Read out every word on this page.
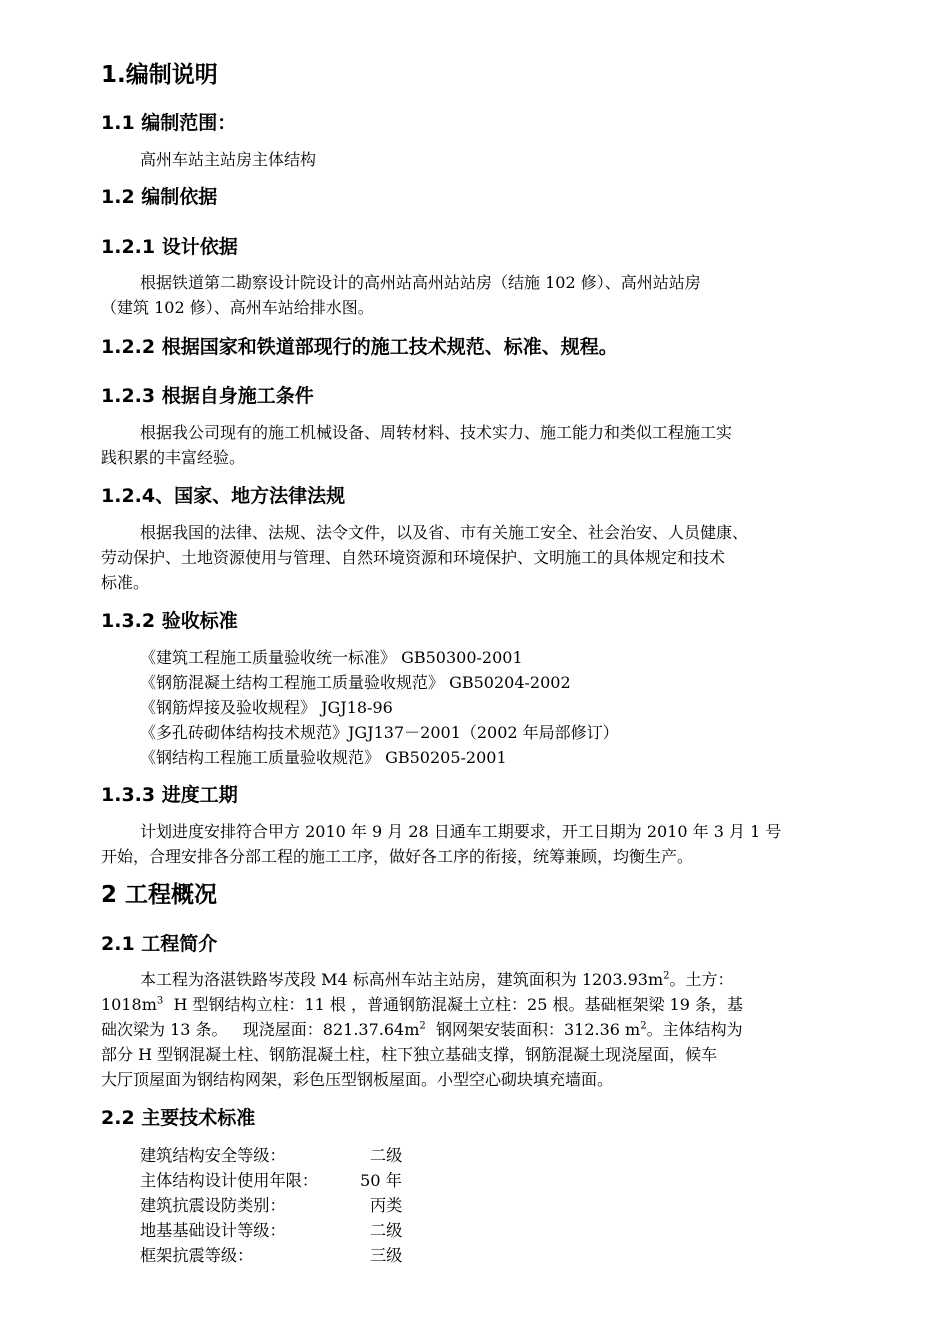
1.编制说明
1.1 编制范围：
高州车站主站房主体结构
1.2 编制依据
1.2.1 设计依据
根据铁道第二勘察设计院设计的高州站高州站站房（结施 102 修）、高州站站房
（建筑 102 修）、高州车站给排水图。
1.2.2 根据国家和铁道部现行的施工技术规范、标准、规程。
1.2.3 根据自身施工条件
根据我公司现有的施工机械设备、周转材料、技术实力、施工能力和类似工程施工实
践积累的丰富经验。
1.2.4、国家、地方法律法规
根据我国的法律、法规、法令文件，以及省、市有关施工安全、社会治安、人员健康、
劳动保护、土地资源使用与管理、自然环境资源和环境保护、文明施工的具体规定和技术
标准。
1.3.2 验收标准
《建筑工程施工质量验收统一标准》 GB50300-2001
《钢筋混凝土结构工程施工质量验收规范》 GB50204-2002
《钢筋焊接及验收规程》 JGJ18-96
《多孔砖砌体结构技术规范》JGJ137－2001（2002 年局部修订）
《钢结构工程施工质量验收规范》 GB50205-2001
1.3.3 进度工期
计划进度安排符合甲方 2010 年 9 月 28 日通车工期要求，开工日期为 2010 年 3 月 1 号
开始，合理安排各分部工程的施工工序，做好各工序的衔接，统筹兼顾，均衡生产。
2 工程概况
2.1 工程简介
本工程为洛湛铁路岑茂段 M4 标高州车站主站房，建筑面积为 $1203.93m^2$。土方：
$1018m^3$  H 型钢结构立柱：11 根 ，普通钢筋混凝土立柱：25 根。基础框架梁 19 条，基
础次梁为 13 条。   现浇屋面：$821.37.64m^2$  钢网架安装面积：312.36 $m^2$。主体结构为
部分 H 型钢混凝土柱、钢筋混凝土柱，柱下独立基础支撑，钢筋混凝土现浇屋面，候车
大厅顶屋面为钢结构网架，彩色压型钢板屋面。小型空心砌块填充墙面。
2.2 主要技术标准
建筑结构安全等级：	二级
主体结构设计使用年限：	50 年
建筑抗震设防类别：	丙类
地基基础设计等级：	二级
框架抗震等级：	三级
